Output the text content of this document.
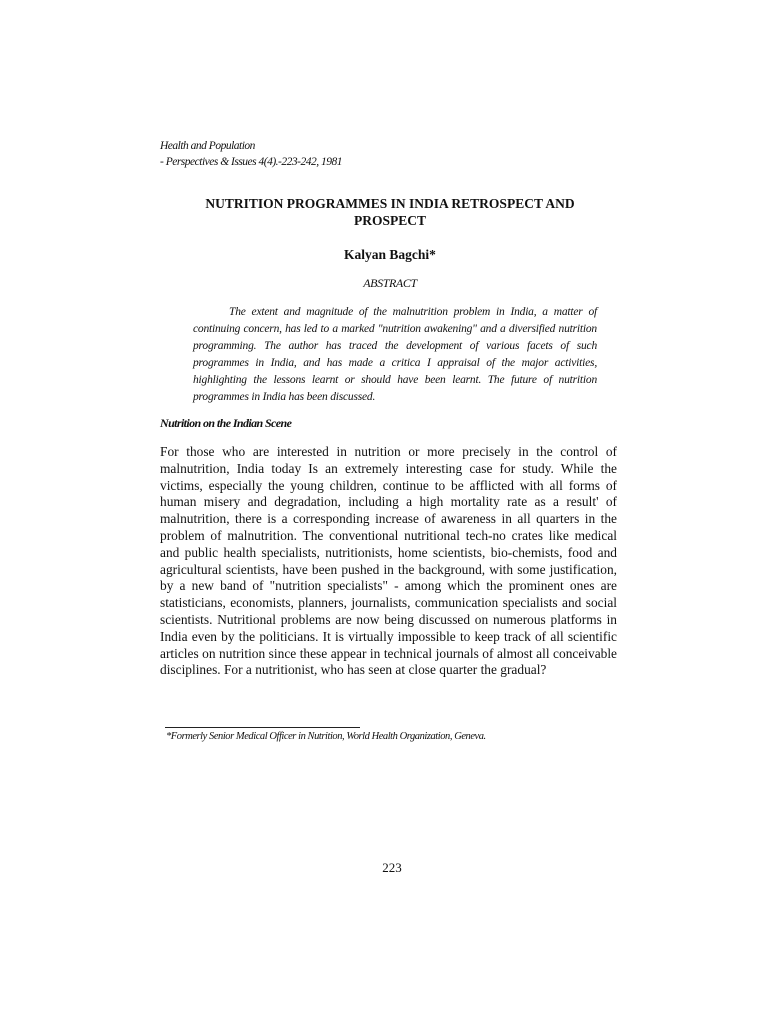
Health and Population
- Perspectives & Issues 4(4).-223-242, 1981
NUTRITION PROGRAMMES IN INDIA RETROSPECT AND PROSPECT
Kalyan Bagchi*
ABSTRACT

The extent and magnitude of the malnutrition problem in India, a matter of continuing concern, has led to a marked "nutrition awakening" and a diversified nutrition programming. The author has traced the development of various facets of such programmes in India, and has made a critica I appraisal of the major activities, highlighting the lessons learnt or should have been learnt. The future of nutrition programmes in India has been discussed.

Nutrition on the Indian Scene

For those who are interested in nutrition or more precisely in the control of malnutrition, India today Is an extremely interesting case for study. While the victims, especially the young children, continue to be afflicted with all forms of human misery and degradation, including a high mortality rate as a result' of malnutrition, there is a corresponding increase of awareness in all quarters in the problem of malnutrition. The conventional nutritional tech-no crates like medical and public health specialists, nutritionists, home scientists, bio-chemists, food and agricultural scientists, have been pushed in the background, with some justification, by a new band of "nutrition specialists" - among which the prominent ones are statisticians, economists, planners, journalists, communication specialists and social scientists. Nutritional problems are now being discussed on numerous platforms in India even by the politicians. It is virtually impossible to keep track of all scientific articles on nutrition since these appear in technical journals of almost all conceivable disciplines. For a nutritionist, who has seen at close quarter the gradual?

*Formerly Senior Medical Officer in Nutrition, World Health Organization, Geneva.
223
